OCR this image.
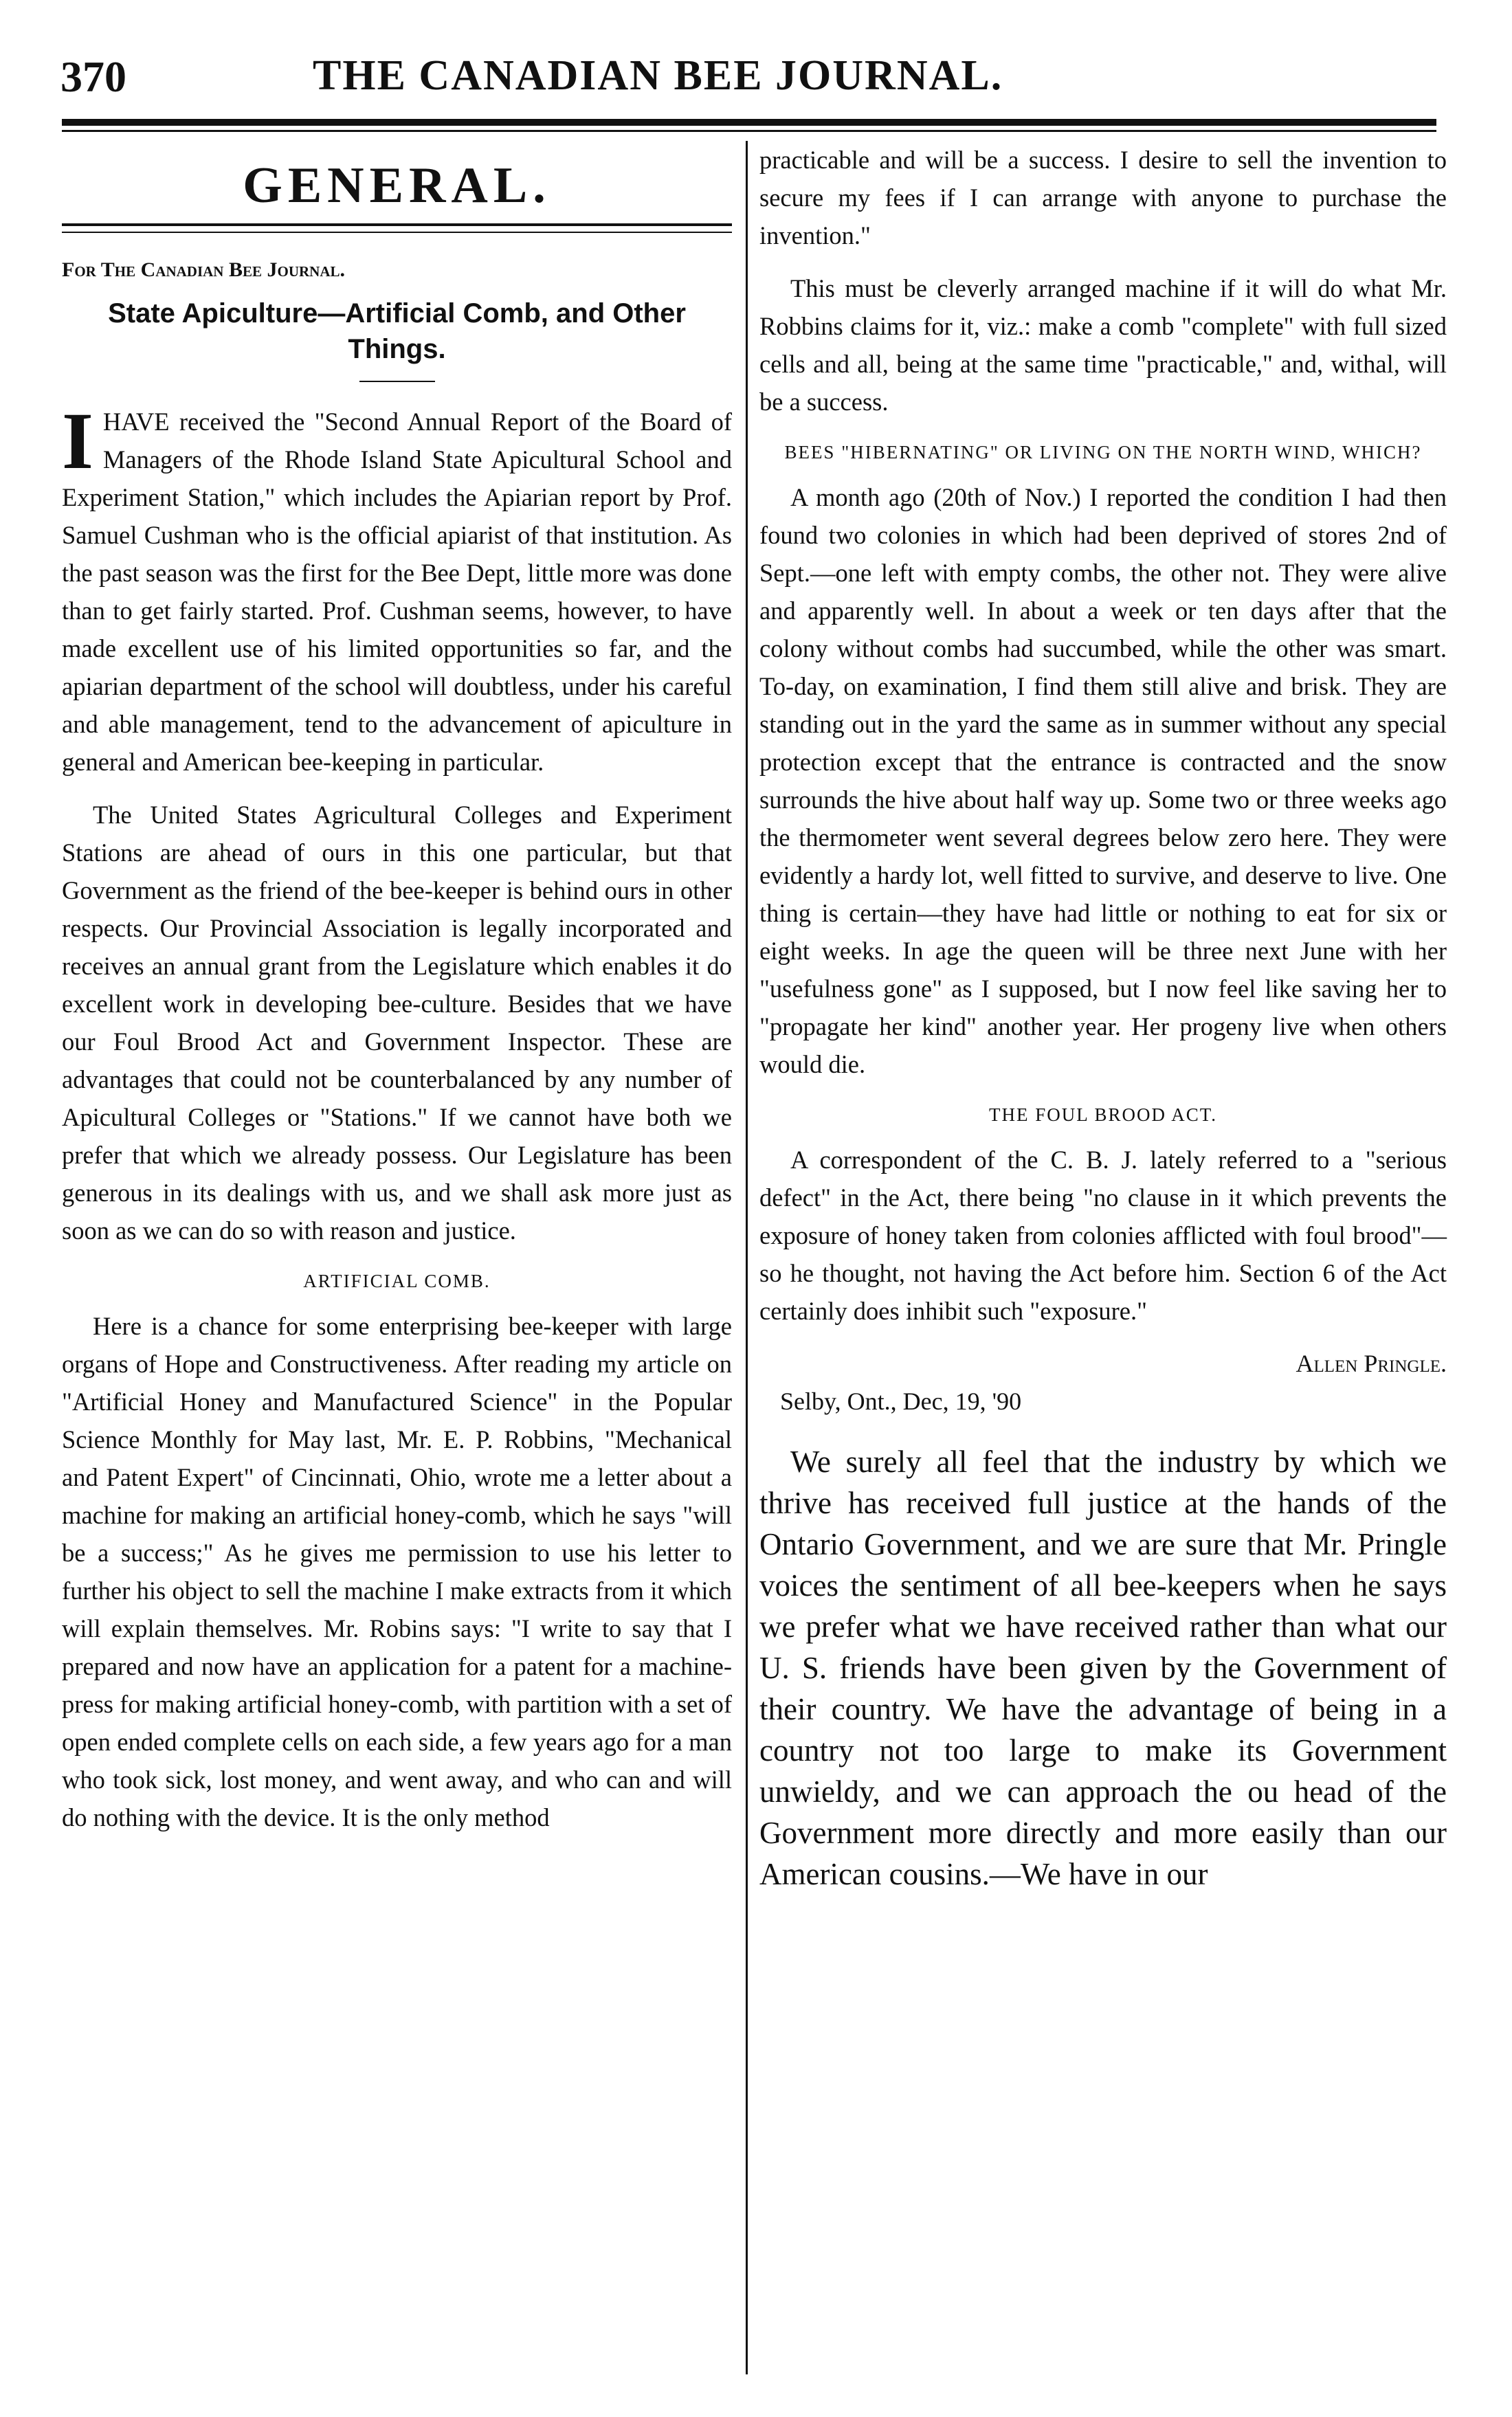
370	THE CANADIAN BEE JOURNAL.
GENERAL.
For The Canadian Bee Journal.
State Apiculture—Artificial Comb, and Other Things.

IHAVE received the "Second Annual Report of the Board of Managers of the Rhode Island State Apicultural School and Experiment Station," which includes the Apiarian report by Prof. Samuel Cushman who is the official apiarist of that institution. As the past season was the first for the Bee Dept, little more was done than to get fairly started. Prof. Cushman seems, however, to have made excellent use of his limited opportunities so far, and the apiarian department of the school will doubtless, under his careful and able management, tend to the advancement of apiculture in general and American bee-keeping in particular.

The United States Agricultural Colleges and Experiment Stations are ahead of ours in this one particular, but that Government as the friend of the bee-keeper is behind ours in other respects. Our Provincial Association is legally incorporated and receives an annual grant from the Legislature which enables it do excellent work in developing bee-culture. Besides that we have our Foul Brood Act and Government Inspector. These are advantages that could not be counterbalanced by any number of Apicultural Colleges or "Stations." If we cannot have both we prefer that which we already possess. Our Legislature has been generous in its dealings with us, and we shall ask more just as soon as we can do so with reason and justice.

ARTIFICIAL COMB.

Here is a chance for some enterprising bee-keeper with large organs of Hope and Constructiveness. After reading my article on "Artificial Honey and Manufactured Science" in the Popular Science Monthly for May last, Mr. E. P. Robbins, "Mechanical and Patent Expert" of Cincinnati, Ohio, wrote me a letter about a machine for making an artificial honey-comb, which he says "will be a success;" As he gives me permission to use his letter to further his object to sell the machine I make extracts from it which will explain themselves. Mr. Robins says: "I write to say that I prepared and now have an application for a patent for a machine-press for making artificial honey-comb, with partition with a set of open ended complete cells on each side, a few years ago for a man who took sick, lost money, and went away, and who can and will do nothing with the device. It is the only method

practicable and will be a success. I desire to sell the invention to secure my fees if I can arrange with anyone to purchase the invention."

This must be cleverly arranged machine if it will do what Mr. Robbins claims for it, viz.: make a comb "complete" with full sized cells and all, being at the same time "practicable," and, withal, will be a success.

BEES "HIBERNATING" OR LIVING ON THE NORTH WIND, WHICH?

A month ago (20th of Nov.) I reported the condition I had then found two colonies in which had been deprived of stores 2nd of Sept.—one left with empty combs, the other not. They were alive and apparently well. In about a week or ten days after that the colony without combs had succumbed, while the other was smart. To-day, on examination, I find them still alive and brisk. They are standing out in the yard the same as in summer without any special protection except that the entrance is contracted and the snow surrounds the hive about half way up. Some two or three weeks ago the thermometer went several degrees below zero here. They were evidently a hardy lot, well fitted to survive, and deserve to live. One thing is certain—they have had little or nothing to eat for six or eight weeks. In age the queen will be three next June with her "usefulness gone" as I supposed, but I now feel like saving her to "propagate her kind" another year. Her progeny live when others would die.

THE FOUL BROOD ACT.

A correspondent of the C. B. J. lately referred to a "serious defect" in the Act, there being "no clause in it which prevents the exposure of honey taken from colonies afflicted with foul brood"—so he thought, not having the Act before him. Section 6 of the Act certainly does inhibit such "exposure."

Allen Pringle.
Selby, Ont., Dec, 19, '90

We surely all feel that the industry by which we thrive has received full justice at the hands of the Ontario Government, and we are sure that Mr. Pringle voices the sentiment of all bee-keepers when he says we prefer what we have received rather than what our U. S. friends have been given by the Government of their country. We have the advantage of being in a country not too large to make its Government unwieldy, and we can approach the ou head of the Government more directly and more easily than our American cousins.—We have in our
